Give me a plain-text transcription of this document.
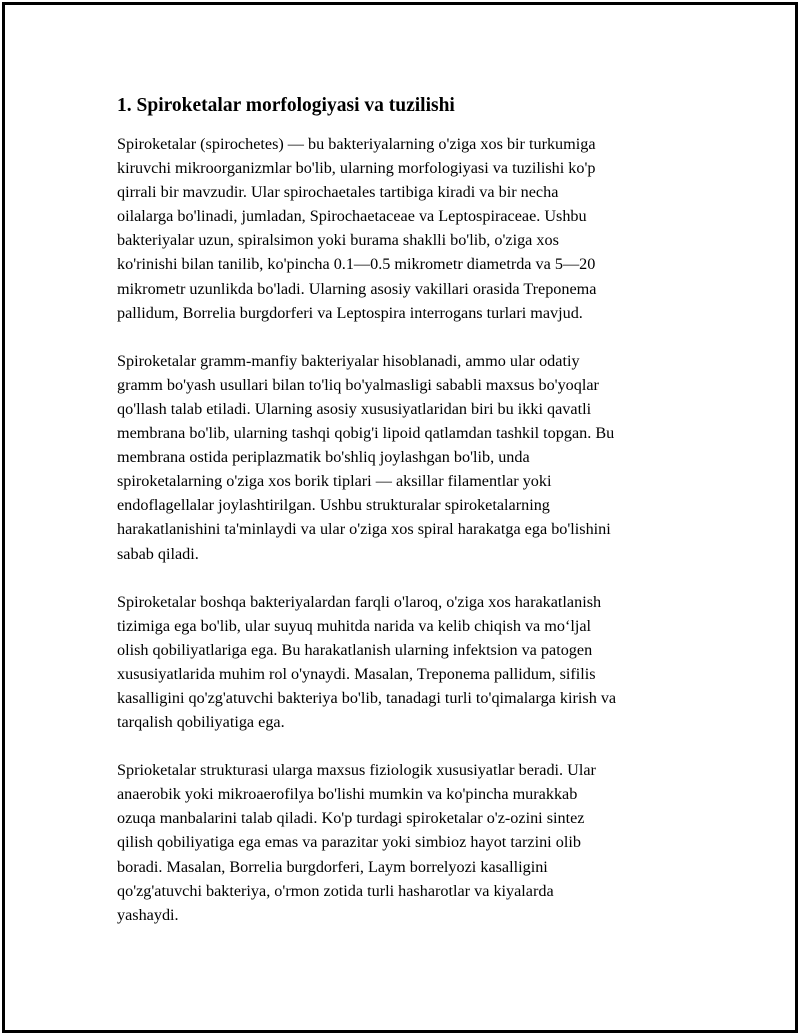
1. Spiroketalar morfologiyasi va tuzilishi
Spiroketalar (spirochetes) — bu bakteriyalarning o'ziga xos bir turkumiga
kiruvchi mikroorganizmlar bo'lib, ularning morfologiyasi va tuzilishi ko'p
qirrali bir mavzudir. Ular spirochaetales tartibiga kiradi va bir necha
oilalarga bo'linadi, jumladan, Spirochaetaceae va Leptospiraceae. Ushbu
bakteriyalar uzun, spiralsimon yoki burama shaklli bo'lib, o'ziga xos
ko'rinishi bilan tanilib, ko'pincha 0.1—0.5 mikrometr diametrda va 5—20
mikrometr uzunlikda bo'ladi. Ularning asosiy vakillari orasida Treponema
pallidum, Borrelia burgdorferi va Leptospira interrogans turlari mavjud.
Spiroketalar gramm-manfiy bakteriyalar hisoblanadi, ammo ular odatiy
gramm bo'yash usullari bilan to'liq bo'yalmasligi sababli maxsus bo'yoqlar
qo'llash talab etiladi. Ularning asosiy xususiyatlaridan biri bu ikki qavatli
membrana bo'lib, ularning tashqi qobig'i lipoid qatlamdan tashkil topgan. Bu
membrana ostida periplazmatik bo'shliq joylashgan bo'lib, unda
spiroketalarning o'ziga xos borik tiplari — aksillar filamentlar yoki
endoflagellalar joylashtirilgan. Ushbu strukturalar spiroketalarning
harakatlanishini ta'minlaydi va ular o'ziga xos spiral harakatga ega bo'lishini
sabab qiladi.
Spiroketalar boshqa bakteriyalardan farqli o'laroq, o'ziga xos harakatlanish
tizimiga ega bo'lib, ular suyuq muhitda narida va kelib chiqish va mo‘ljal
olish qobiliyatlariga ega. Bu harakatlanish ularning infektsion va patogen
xususiyatlarida muhim rol o'ynaydi. Masalan, Treponema pallidum, sifilis
kasalligini qo'zg'atuvchi bakteriya bo'lib, tanadagi turli to'qimalarga kirish va
tarqalish qobiliyatiga ega.
Sprioketalar strukturasi ularga maxsus fiziologik xususiyatlar beradi. Ular
anaerobik yoki mikroaerofilya bo'lishi mumkin va ko'pincha murakkab
ozuqa manbalarini talab qiladi. Ko'p turdagi spiroketalar o'z-ozini sintez
qilish qobiliyatiga ega emas va parazitar yoki simbioz hayot tarzini olib
boradi. Masalan, Borrelia burgdorferi, Laym borrelyozi kasalligini
qo'zg'atuvchi bakteriya, o'rmon zotida turli hasharotlar va kiyalarda
yashaydi.
